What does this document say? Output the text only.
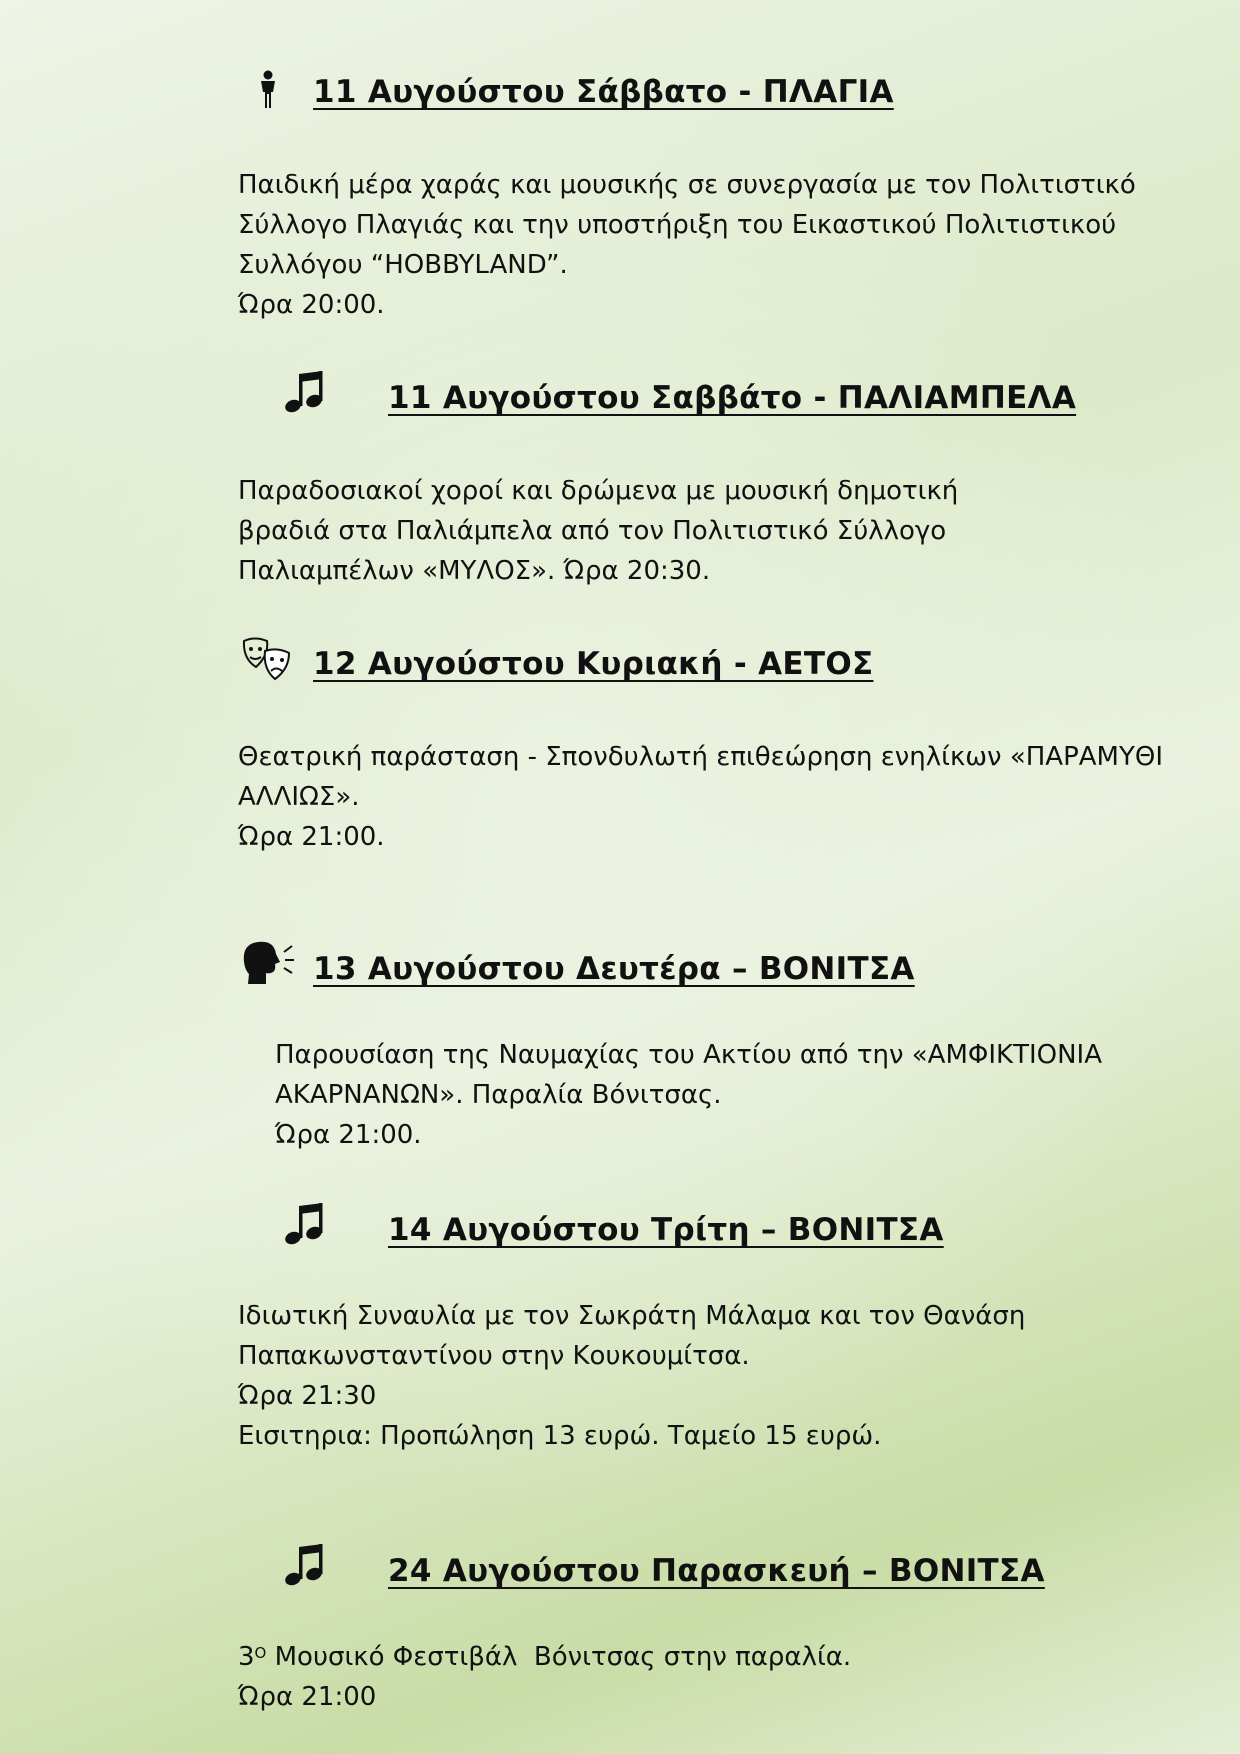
11 Αυγούστου Σάββατο - ΠΛΑΓΙΑ
Παιδική μέρα χαράς και μουσικής σε συνεργασία με τον Πολιτιστικό
Σύλλογο Πλαγιάς και την υποστήριξη του Εικαστικού Πολιτιστικού
Συλλόγου “HOBBYLAND”.
Ώρα 20:00.
11 Αυγούστου Σαββάτο - ΠΑΛΙΑΜΠΕΛΑ
Παραδοσιακοί χοροί και δρώμενα με μουσική δημοτική
βραδιά στα Παλιάμπελα από τον Πολιτιστικό Σύλλογο
Παλιαμπέλων «ΜΥΛΟΣ». Ώρα 20:30.
12 Αυγούστου Κυριακή - ΑΕΤΟΣ
Θεατρική παράσταση - Σπονδυλωτή επιθεώρηση ενηλίκων «ΠΑΡΑΜΥΘΙ
ΑΛΛΙΩΣ».
Ώρα 21:00.
13 Αυγούστου Δευτέρα – ΒΟΝΙΤΣΑ
Παρουσίαση της Ναυμαχίας του Ακτίου από την «ΑΜΦΙΚΤΙΟΝΙΑ
ΑΚΑΡΝΑΝΩΝ». Παραλία Βόνιτσας.
Ώρα 21:00.
14 Αυγούστου Τρίτη – ΒΟΝΙΤΣΑ
Ιδιωτική Συναυλία με τον Σωκράτη Μάλαμα και τον Θανάση
Παπακωνσταντίνου στην Κουκουμίτσα.
Ώρα 21:30
Εισιτηρια: Προπώληση 13 ευρώ. Ταμείο 15 ευρώ.
24 Αυγούστου Παρασκευή – ΒΟΝΙΤΣΑ
$3^O$ Μουσικό Φεστιβάλ  Βόνιτσας στην παραλία.
Ώρα 21:00
